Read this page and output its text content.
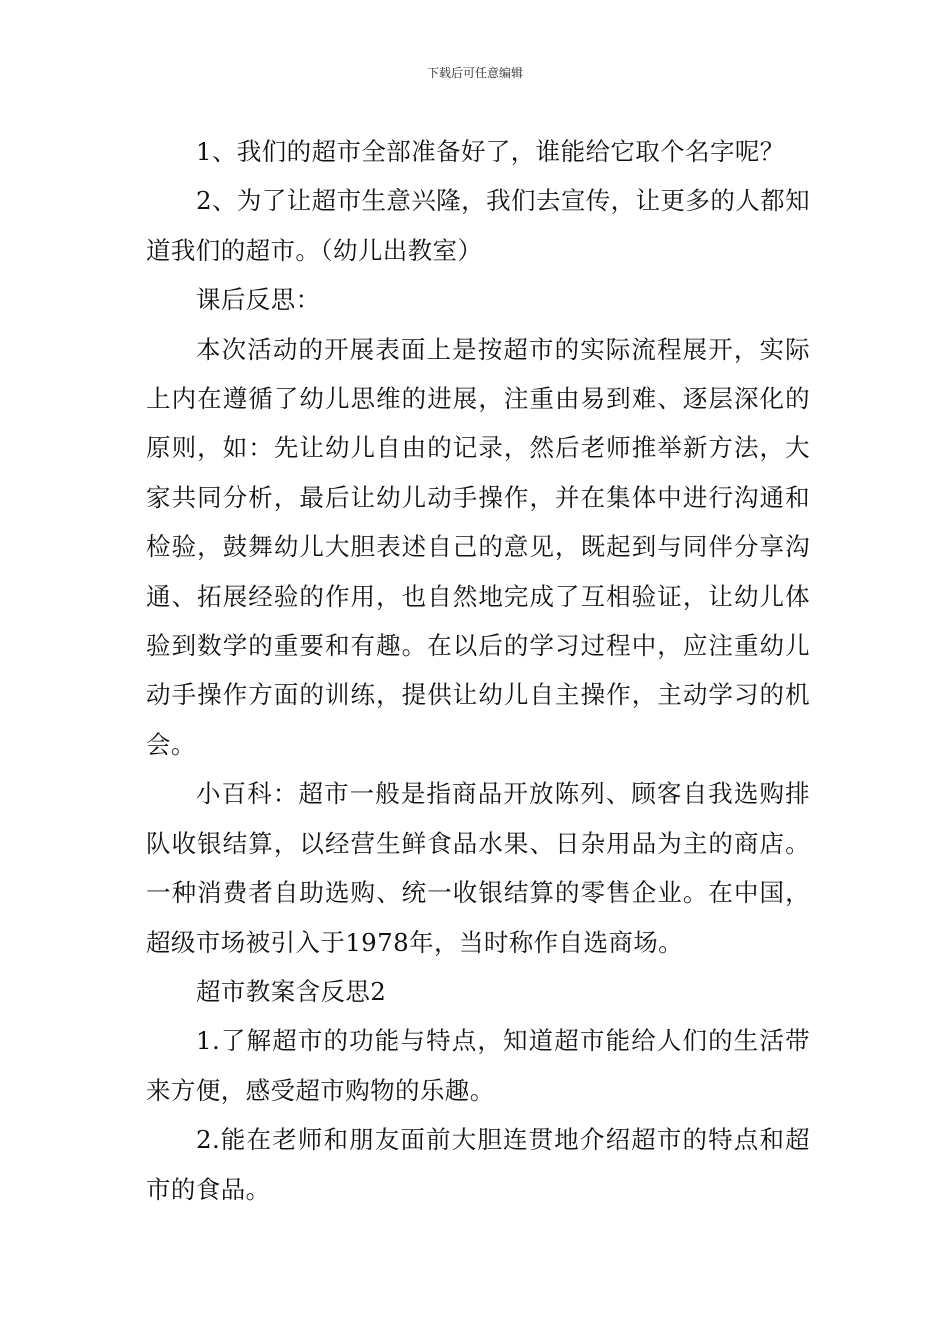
下载后可任意编辑

1、我们的超市全部准备好了，谁能给它取个名字呢？

2、为了让超市生意兴隆，我们去宣传，让更多的人都知道我们的超市。（幼儿出教室）

课后反思：

本次活动的开展表面上是按超市的实际流程展开，实际上内在遵循了幼儿思维的进展，注重由易到难、逐层深化的原则，如：先让幼儿自由的记录，然后老师推举新方法，大家共同分析，最后让幼儿动手操作，并在集体中进行沟通和检验，鼓舞幼儿大胆表述自己的意见，既起到与同伴分享沟通、拓展经验的作用，也自然地完成了互相验证，让幼儿体验到数学的重要和有趣。在以后的学习过程中，应注重幼儿动手操作方面的训练，提供让幼儿自主操作，主动学习的机会。

小百科：超市一般是指商品开放陈列、顾客自我选购排队收银结算，以经营生鲜食品水果、日杂用品为主的商店。一种消费者自助选购、统一收银结算的零售企业。在中国，超级市场被引入于1978年，当时称作自选商场。

超市教案含反思2

1.了解超市的功能与特点，知道超市能给人们的生活带来方便，感受超市购物的乐趣。

2.能在老师和朋友面前大胆连贯地介绍超市的特点和超市的食品。
